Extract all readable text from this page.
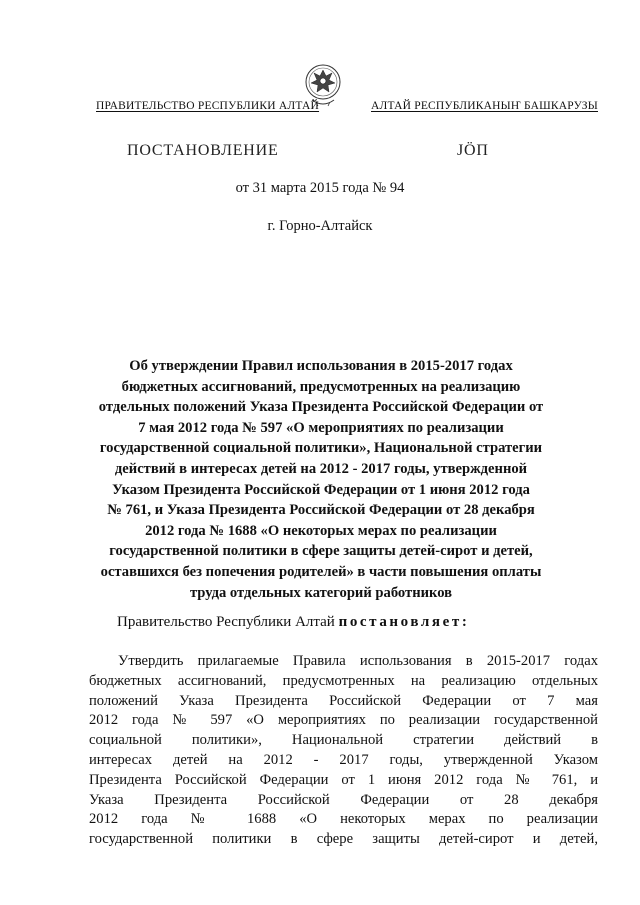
ПРАВИТЕЛЬСТВО РЕСПУБЛИКИ АЛТАЙ	АЛТАЙ РЕСПУБЛИКАНЫҤ БАШКАРУЗЫ
ПОСТАНОВЛЕНИЕ	ЈӦП
от 31 марта 2015 года № 94
г. Горно-Алтайск
Об утверждении Правил использования в 2015-2017 годах
бюджетных ассигнований, предусмотренных на реализацию
отдельных положений Указа Президента Российской Федерации от
7 мая 2012 года № 597 «О мероприятиях по реализации
государственной социальной политики», Национальной стратегии
действий в интересах детей на 2012 - 2017 годы, утвержденной
Указом Президента Российской Федерации от 1 июня 2012 года
№ 761, и Указа Президента Российской Федерации от 28 декабря
2012 года № 1688 «О некоторых мерах по реализации
государственной политики в сфере защиты детей-сирот и детей,
оставшихся без попечения родителей» в части повышения оплаты
труда отдельных категорий работников
Правительство Республики Алтай постановляет:
Утвердить прилагаемые Правила использования в 2015-2017 годах
бюджетных ассигнований, предусмотренных на реализацию отдельных
положений Указа Президента Российской Федерации от 7 мая
2012 года № 597 «О мероприятиях по реализации государственной
социальной политики», Национальной стратегии действий в
интересах детей на 2012 - 2017 годы, утвержденной Указом
Президента Российской Федерации от 1 июня 2012 года № 761, и
Указа Президента Российской Федерации от 28 декабря
2012 года № 1688 «О некоторых мерах по реализации
государственной политики в сфере защиты детей-сирот и детей,
